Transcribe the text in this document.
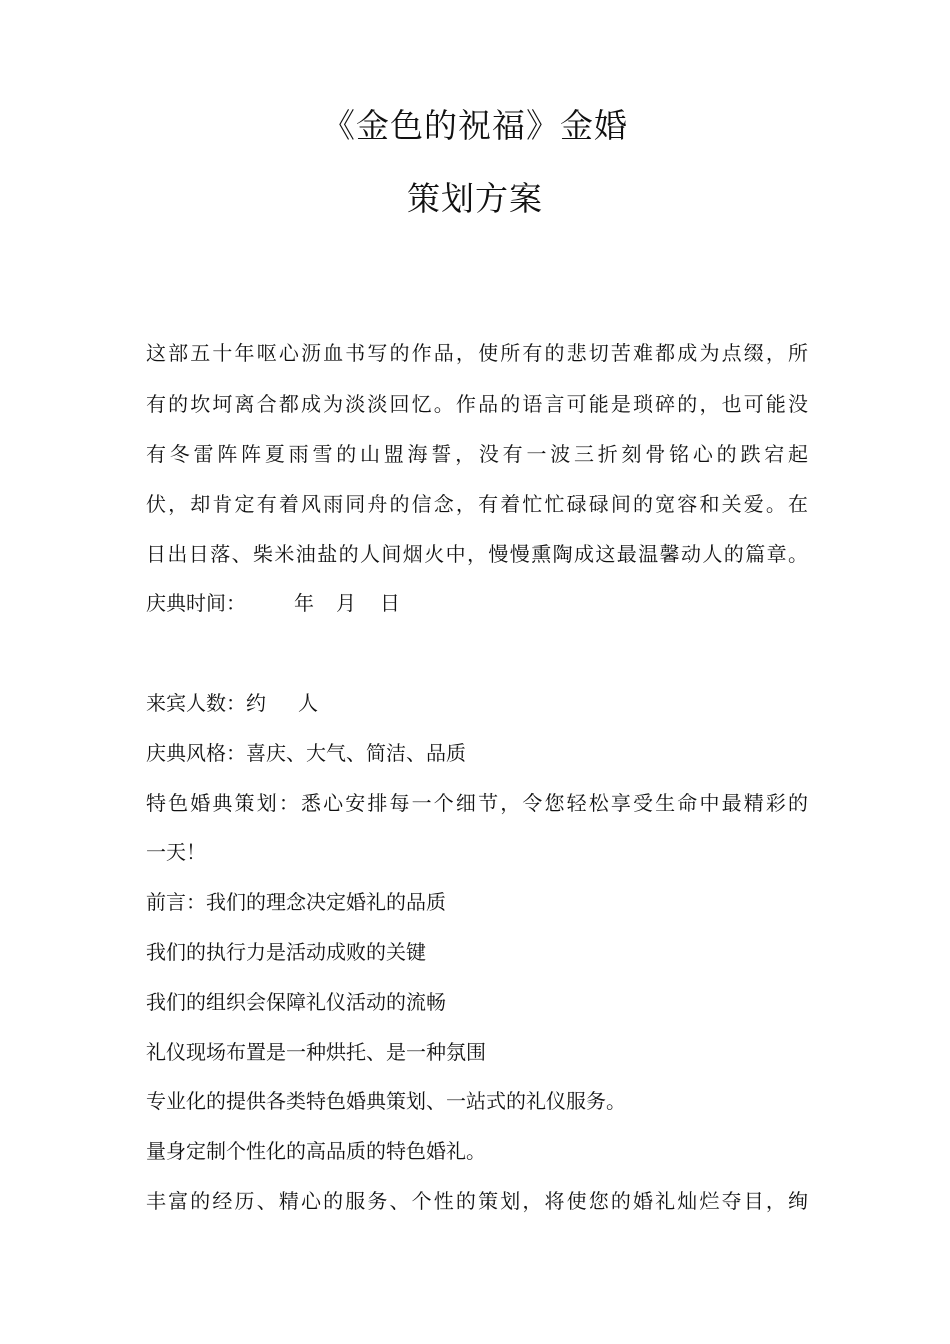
《金色的祝福》金婚
策划方案
这部五十年呕心沥血书写的作品，使所有的悲切苦难都成为点缀，所
有的坎坷离合都成为淡淡回忆。作品的语言可能是琐碎的，也可能没
有冬雷阵阵夏雨雪的山盟海誓，没有一波三折刻骨铭心的跌宕起
伏，却肯定有着风雨同舟的信念，有着忙忙碌碌间的宽容和关爱。在
日出日落、柴米油盐的人间烟火中，慢慢熏陶成这最温馨动人的篇章。
庆典时间： 年 月 日
来宾人数：约 人
庆典风格：喜庆、大气、简洁、品质
特色婚典策划：悉心安排每一个细节，令您轻松享受生命中最精彩的
一天！
前言：我们的理念决定婚礼的品质
我们的执行力是活动成败的关键
我们的组织会保障礼仪活动的流畅
礼仪现场布置是一种烘托、是一种氛围
专业化的提供各类特色婚典策划、一站式的礼仪服务。
量身定制个性化的高品质的特色婚礼。
丰富的经历、精心的服务、个性的策划，将使您的婚礼灿烂夺目，绚
